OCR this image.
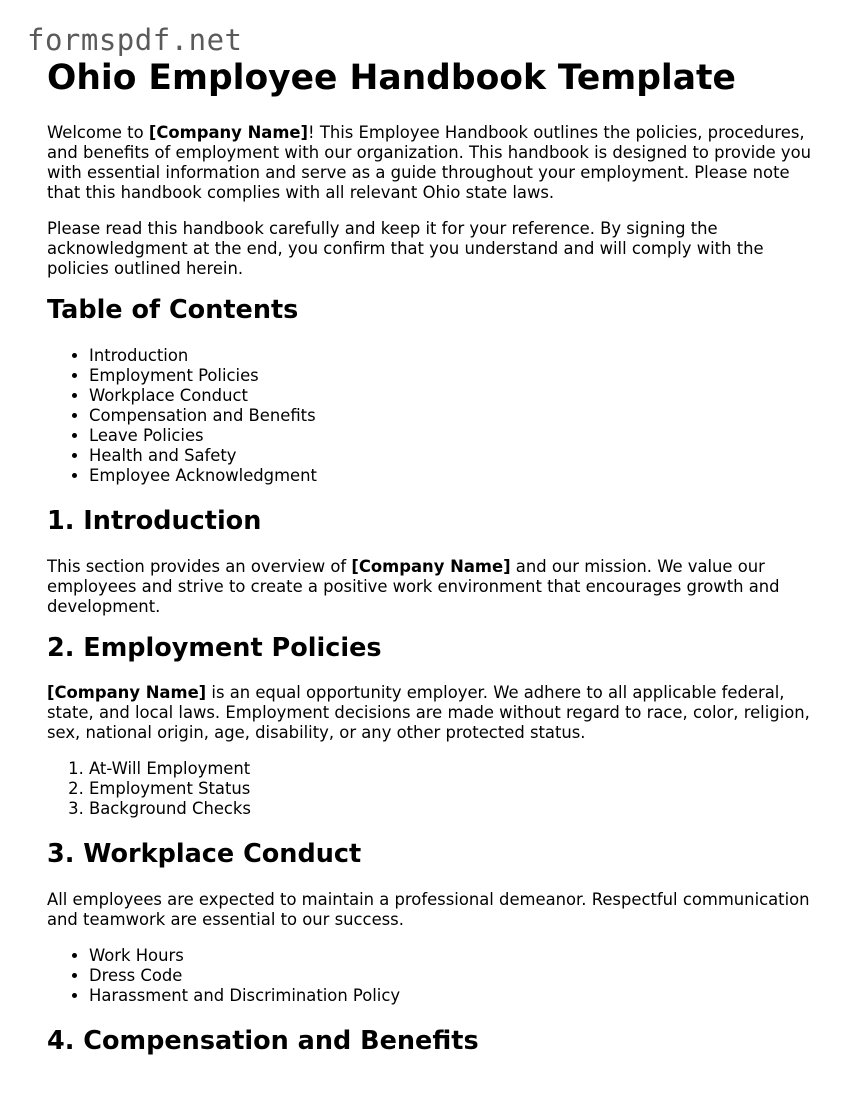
formspdf.net
Ohio Employee Handbook Template

Welcome to [Company Name]! This Employee Handbook outlines the policies, procedures, and benefits of employment with our organization. This handbook is designed to provide you with essential information and serve as a guide throughout your employment. Please note that this handbook complies with all relevant Ohio state laws.

Please read this handbook carefully and keep it for your reference. By signing the acknowledgment at the end, you confirm that you understand and will comply with the policies outlined herein.

Table of Contents
• Introduction
• Employment Policies
• Workplace Conduct
• Compensation and Benefits
• Leave Policies
• Health and Safety
• Employee Acknowledgment
1. Introduction

This section provides an overview of [Company Name] and our mission. We value our employees and strive to create a positive work environment that encourages growth and development.

2. Employment Policies

[Company Name] is an equal opportunity employer. We adhere to all applicable federal, state, and local laws. Employment decisions are made without regard to race, color, religion, sex, national origin, age, disability, or any other protected status.

1. At-Will Employment
2. Employment Status
3. Background Checks
3. Workplace Conduct

All employees are expected to maintain a professional demeanor. Respectful communication and teamwork are essential to our success.

• Work Hours
• Dress Code
• Harassment and Discrimination Policy
4. Compensation and Benefits
